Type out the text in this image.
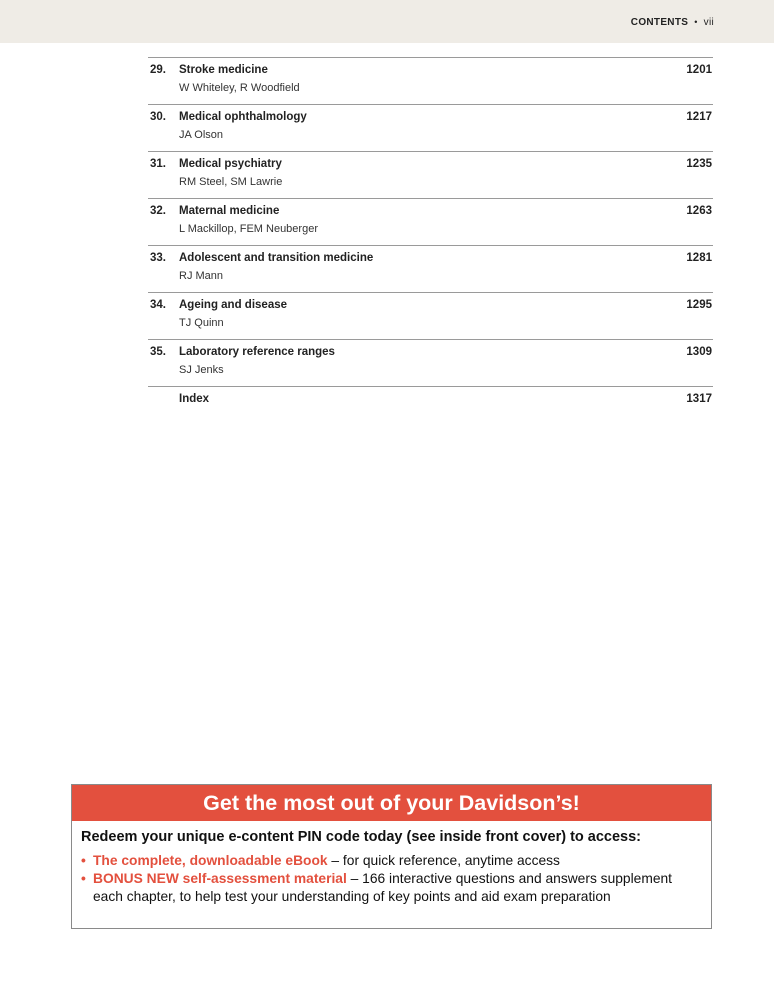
CONTENTS • vii
29. Stroke medicine
W Whiteley, R Woodfield
1201
30. Medical ophthalmology
JA Olson
1217
31. Medical psychiatry
RM Steel, SM Lawrie
1235
32. Maternal medicine
L Mackillop, FEM Neuberger
1263
33. Adolescent and transition medicine
RJ Mann
1281
34. Ageing and disease
TJ Quinn
1295
35. Laboratory reference ranges
SJ Jenks
1309
Index	1317
Get the most out of your Davidson’s!
Redeem your unique e-content PIN code today (see inside front cover) to access:
• The complete, downloadable eBook – for quick reference, anytime access
• BONUS NEW self-assessment material – 166 interactive questions and answers supplement each chapter, to help test your understanding of key points and aid exam preparation
